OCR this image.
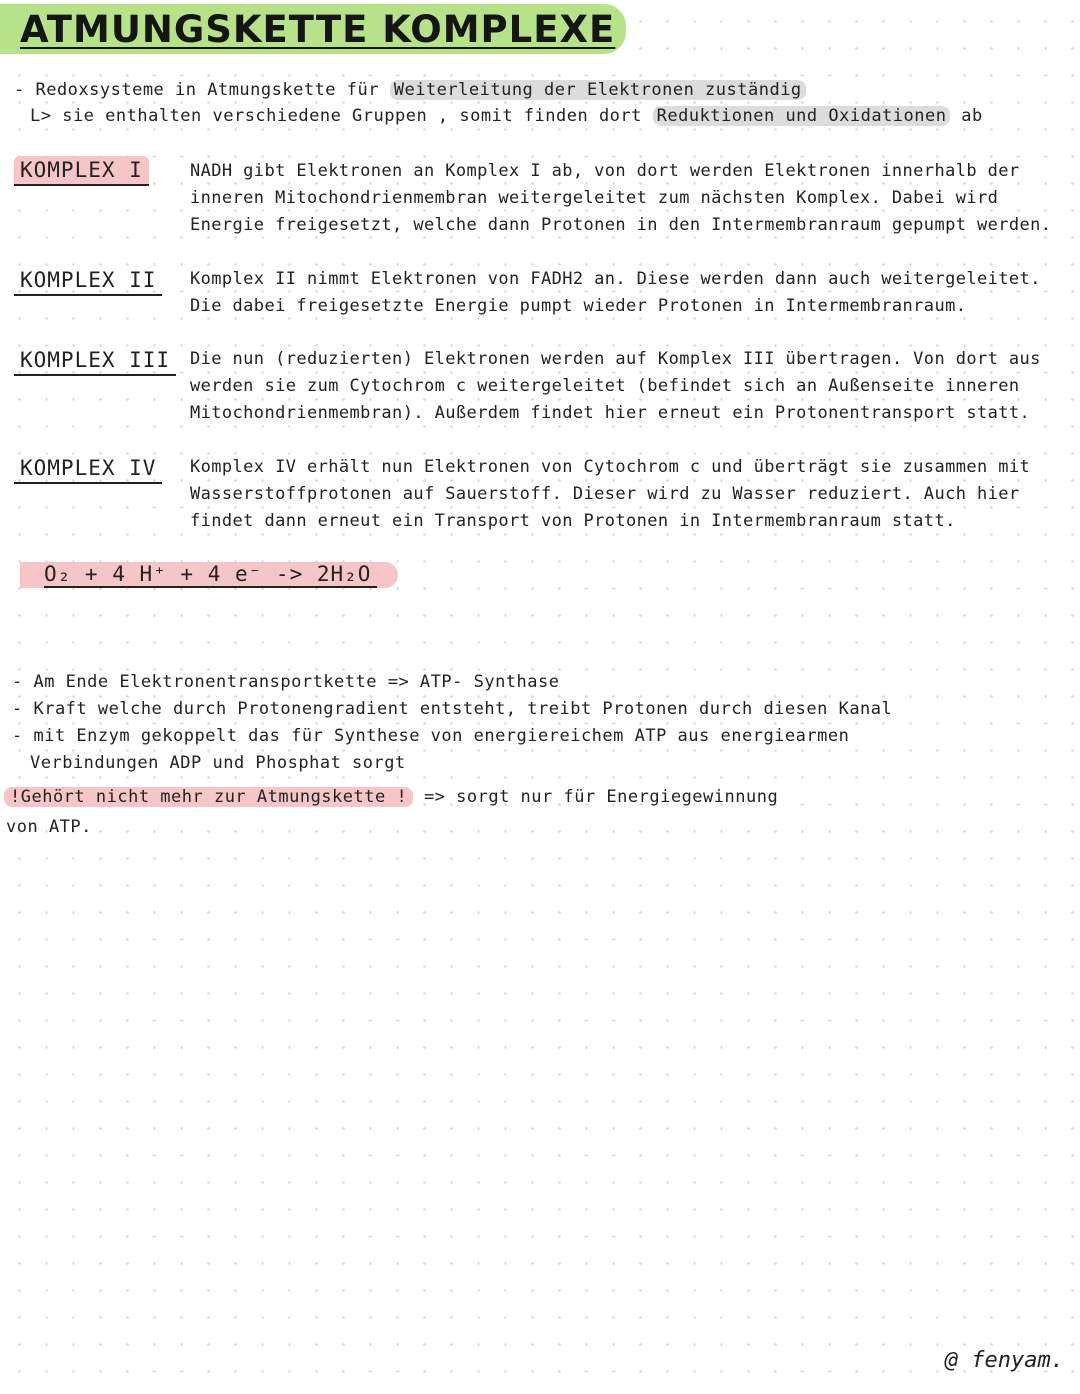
ATMUNGSKETTE KOMPLEXE
- Redoxsysteme in Atmungskette für Weiterleitung der Elektronen zuständig
L> sie enthalten verschiedene Gruppen , somit finden dort Reduktionen und Oxidationen ab
KOMPLEX I	NADH gibt Elektronen an Komplex I ab, von dort werden Elektronen innerhalb der inneren Mitochondrienmembran weitergeleitet zum nächsten Komplex. Dabei wird Energie freigesetzt, welche dann Protonen in den Intermembranraum gepumpt werden.
KOMPLEX II	Komplex II nimmt Elektronen von FADH2 an. Diese werden dann auch weitergeleitet. Die dabei freigesetzte Energie pumpt wieder Protonen in Intermembranraum.
KOMPLEX III	Die nun (reduzierten) Elektronen werden auf Komplex III übertragen. Von dort aus werden sie zum Cytochrom c weitergeleitet (befindet sich an Außenseite inneren Mitochondrienmembran). Außerdem findet hier erneut ein Protonentransport statt.
KOMPLEX IV	Komplex IV erhält nun Elektronen von Cytochrom c und überträgt sie zusammen mit Wasserstoffprotonen auf Sauerstoff. Dieser wird zu Wasser reduziert. Auch hier findet dann erneut ein Transport von Protonen in Intermembranraum statt.
O₂ + 4 H⁺ + 4 e⁻ -> 2H₂O
- Am Ende Elektronentransportkette => ATP- Synthase
- Kraft welche durch Protonengradient entsteht, treibt Protonen durch diesen Kanal
- mit Enzym gekoppelt das für Synthese von energiereichem ATP aus energiearmen
Verbindungen ADP und Phosphat sorgt
!Gehört nicht mehr zur Atmungskette ! => sorgt nur für Energiegewinnung
von ATP.
@ fenyam.
